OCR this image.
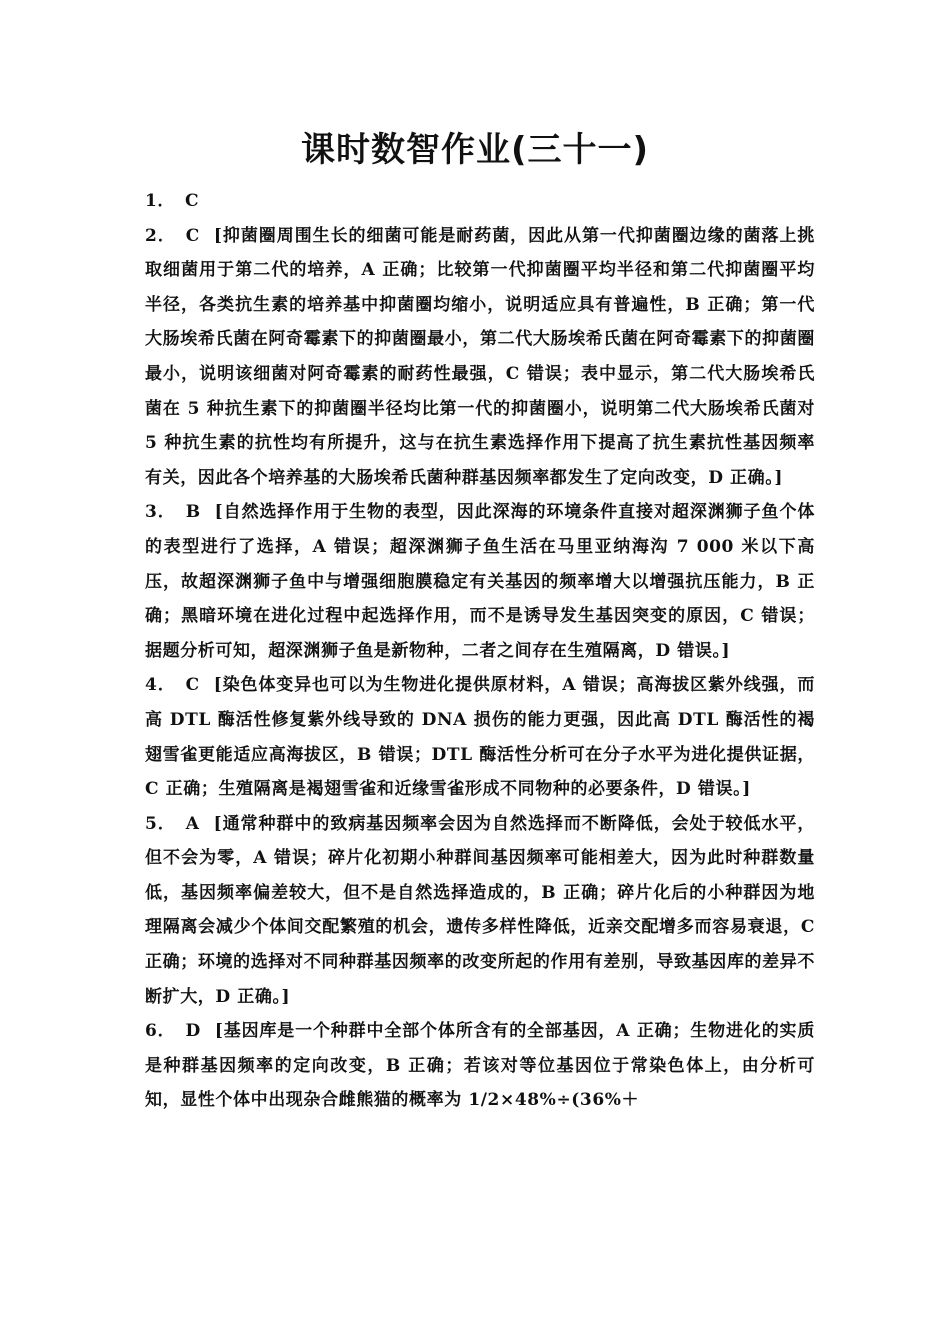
课时数智作业(三十一)

1． C

2． C [抑菌圈周围生长的细菌可能是耐药菌，因此从第一代抑菌圈边缘的菌落上挑取细菌用于第二代的培养，A 正确；比较第一代抑菌圈平均半径和第二代抑菌圈平均半径，各类抗生素的培养基中抑菌圈均缩小，说明适应具有普遍性，B 正确；第一代大肠埃希氏菌在阿奇霉素下的抑菌圈最小，第二代大肠埃希氏菌在阿奇霉素下的抑菌圈最小，说明该细菌对阿奇霉素的耐药性最强，C 错误；表中显示，第二代大肠埃希氏菌在 5 种抗生素下的抑菌圈半径均比第一代的抑菌圈小，说明第二代大肠埃希氏菌对 5 种抗生素的抗性均有所提升，这与在抗生素选择作用下提高了抗生素抗性基因频率有关，因此各个培养基的大肠埃希氏菌种群基因频率都发生了定向改变，D 正确。]

3． B [自然选择作用于生物的表型，因此深海的环境条件直接对超深渊狮子鱼个体的表型进行了选择，A 错误；超深渊狮子鱼生活在马里亚纳海沟 7 000 米以下高压，故超深渊狮子鱼中与增强细胞膜稳定有关基因的频率增大以增强抗压能力，B 正确；黑暗环境在进化过程中起选择作用，而不是诱导发生基因突变的原因，C 错误；据题分析可知，超深渊狮子鱼是新物种，二者之间存在生殖隔离，D 错误。]

4． C [染色体变异也可以为生物进化提供原材料，A 错误；高海拔区紫外线强，而高 DTL 酶活性修复紫外线导致的 DNA 损伤的能力更强，因此高 DTL 酶活性的褐翅雪雀更能适应高海拔区，B 错误；DTL 酶活性分析可在分子水平为进化提供证据，C 正确；生殖隔离是褐翅雪雀和近缘雪雀形成不同物种的必要条件，D 错误。]

5． A [通常种群中的致病基因频率会因为自然选择而不断降低，会处于较低水平，但不会为零，A 错误；碎片化初期小种群间基因频率可能相差大，因为此时种群数量低，基因频率偏差较大，但不是自然选择造成的，B 正确；碎片化后的小种群因为地理隔离会减少个体间交配繁殖的机会，遗传多样性降低，近亲交配增多而容易衰退，C 正确；环境的选择对不同种群基因频率的改变所起的作用有差别，导致基因库的差异不断扩大，D 正确。]

6． D [基因库是一个种群中全部个体所含有的全部基因，A 正确；生物进化的实质是种群基因频率的定向改变，B 正确；若该对等位基因位于常染色体上，由分析可知，显性个体中出现杂合雌熊猫的概率为 1/2×48%÷(36%＋
